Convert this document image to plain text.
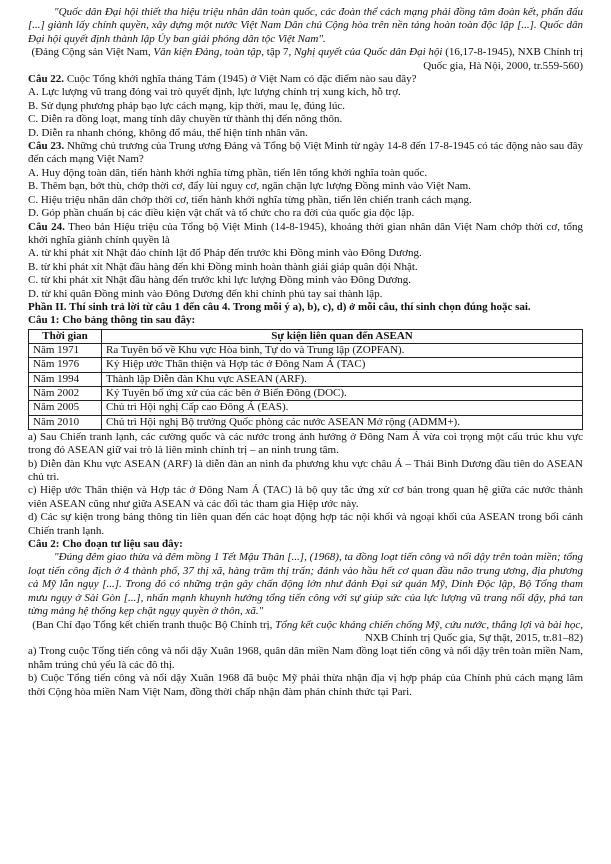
"Quốc dân Đại hội thiết tha hiệu triệu nhân dân toàn quốc, các đoàn thể cách mạng phải đồng tâm đoàn kết, phấn đấu [...] giành lấy chính quyền, xây dựng một nước Việt Nam Dân chủ Cộng hòa trên nền tảng hoàn toàn độc lập [...]. Quốc dân Đại hội quyết định thành lập Ủy ban giải phóng dân tộc Việt Nam".

(Đảng Cộng sản Việt Nam, Văn kiện Đảng, toàn tập, tập 7, Nghị quyết của Quốc dân Đại hội (16,17-8-1945), NXB Chính trị Quốc gia, Hà Nội, 2000, tr.559-560)

Câu 22. Cuộc Tổng khởi nghĩa tháng Tám (1945) ở Việt Nam có đặc điểm nào sau đây?

A. Lực lượng vũ trang đóng vai trò quyết định, lực lượng chính trị xung kích, hỗ trợ.

B. Sử dụng phương pháp bạo lực cách mạng, kịp thời, mau lẹ, đúng lúc.

C. Diễn ra đồng loạt, mang tính dây chuyền từ thành thị đến nông thôn.

D. Diễn ra nhanh chóng, không đổ máu, thể hiện tính nhân văn.

Câu 23. Những chủ trương của Trung ương Đảng và Tổng bộ Việt Minh từ ngày 14-8 đến 17-8-1945 có tác động nào sau đây đến cách mạng Việt Nam?

A. Huy động toàn dân, tiến hành khởi nghĩa từng phần, tiến lên tổng khởi nghĩa toàn quốc.

B. Thêm bạn, bớt thù, chớp thời cơ, đẩy lùi nguy cơ, ngăn chặn lực lượng Đồng minh vào Việt Nam.

C. Hiệu triệu nhân dân chớp thời cơ, tiến hành khởi nghĩa từng phần, tiến lên chiến tranh cách mạng.

D. Góp phần chuẩn bị các điều kiện vật chất và tổ chức cho ra đời của quốc gia độc lập.

Câu 24. Theo bản Hiệu triệu của Tổng bộ Việt Minh (14-8-1945), khoảng thời gian nhân dân Việt Nam chớp thời cơ, tổng khởi nghĩa giành chính quyền là

A. từ khi phát xít Nhật đảo chính lật đổ Pháp đến trước khi Đồng minh vào Đông Dương.

B. từ khi phát xít Nhật đầu hàng đến khi Đồng minh hoàn thành giải giáp quân đội Nhật.

C. từ khi phát xít Nhật đầu hàng đến trước khi lực lượng Đồng minh vào Đông Dương.

D. từ khi quân Đồng minh vào Đông Dương đến khi chính phủ tay sai thành lập.

Phần II. Thí sinh trả lời từ câu 1 đến câu 4. Trong mỗi ý a), b), c), d) ở mỗi câu, thí sinh chọn đúng hoặc sai.

Câu 1: Cho bảng thông tin sau đây:

Thời gian	Sự kiện liên quan đến ASEAN
Năm 1971	Ra Tuyên bố về Khu vực Hòa bình, Tự do và Trung lập (ZOPFAN).
Năm 1976	Ký Hiệp ước Thân thiện và Hợp tác ở Đông Nam Á (TAC)
Năm 1994	Thành lập Diễn đàn Khu vực ASEAN (ARF).
Năm 2002	Ký Tuyên bố ứng xử của các bên ở Biển Đông (DOC).
Năm 2005	Chủ trì Hội nghị Cấp cao Đông Á (EAS).
Năm 2010	Chủ trì Hội nghị Bộ trưởng Quốc phòng các nước ASEAN Mở rộng (ADMM+).

a) Sau Chiến tranh lạnh, các cường quốc và các nước trong ảnh hưởng ở Đông Nam Á vừa coi trọng một cấu trúc khu vực trong đó ASEAN giữ vai trò là liên minh chính trị – an ninh trung tâm.

b) Diễn đàn Khu vực ASEAN (ARF) là diễn đàn an ninh đa phương khu vực châu Á – Thái Bình Dương đầu tiên do ASEAN chủ trì.

c) Hiệp ước Thân thiện và Hợp tác ở Đông Nam Á (TAC) là bộ quy tắc ứng xử cơ bản trong quan hệ giữa các nước thành viên ASEAN cũng như giữa ASEAN và các đối tác tham gia Hiệp ước này.

d) Các sự kiện trong bảng thông tin liên quan đến các hoạt động hợp tác nội khối và ngoại khối của ASEAN trong bối cảnh Chiến tranh lạnh.

Câu 2: Cho đoạn tư liệu sau đây:

"Đúng đêm giao thừa và đêm mồng 1 Tết Mậu Thân [...], (1968), ta đồng loạt tiến công và nổi dậy trên toàn miền; tổng loạt tiến công địch ở 4 thành phố, 37 thị xã, hàng trăm thị trấn; đánh vào hầu hết cơ quan đầu não trung ương, địa phương cả Mỹ lẫn ngụy [...]. Trong đó có những trận gây chấn động lớn như đánh Đại sứ quán Mỹ, Dinh Độc lập, Bộ Tổng tham mưu ngụy ở Sài Gòn [...], nhấn mạnh khuynh hướng tổng tiến công với sự giúp sức của lực lượng vũ trang nổi dậy, phá tan từng mảng hệ thống kẹp chặt ngụy quyền ở thôn, xã."

(Ban Chỉ đạo Tổng kết chiến tranh thuộc Bộ Chính trị, Tổng kết cuộc kháng chiến chống Mỹ, cứu nước, thắng lợi và bài học, NXB Chính trị Quốc gia, Sự thật, 2015, tr.81–82)

a) Trong cuộc Tổng tiến công và nổi dậy Xuân 1968, quân dân miền Nam đồng loạt tiến công và nổi dậy trên toàn miền Nam, nhằm trúng chủ yếu là các đô thị.

b) Cuộc Tổng tiến công và nổi dậy Xuân 1968 đã buộc Mỹ phải thừa nhận địa vị hợp pháp của Chính phủ cách mạng lâm thời Cộng hòa miền Nam Việt Nam, đồng thời chấp nhận đàm phán chính thức tại Pari.
